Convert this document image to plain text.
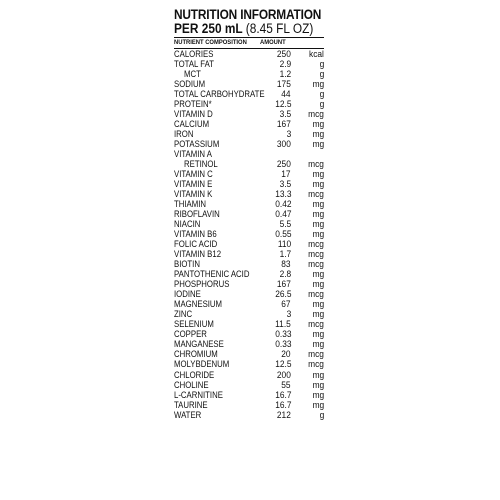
NUTRITION INFORMATION
PER 250 mL (8.45 FL OZ)
NUTRIENT COMPOSITION AMOUNT
CALORIES	250 kcal
TOTAL FAT	2.9	g
MCT	1.2	g
SODIUM	175 mg
TOTAL CARBOHYDRATE 44	g
PROTEIN*	12.5	g
VITAMIN D	3.5 mcg
CALCIUM	167 mg
IRON	3 mg
POTASSIUM	300 mg
VITAMIN A
RETINOL	250 mcg
VITAMIN C	17 mg
VITAMIN E	3.5 mg
VITAMIN K	13.3 mcg
THIAMIN	0.42 mg
RIBOFLAVIN	0.47 mg
NIACIN	5.5 mg
VITAMIN B6	0.55 mg
FOLIC ACID	110 mcg
VITAMIN B12	1.7 mcg
BIOTIN	83 mcg
PANTOTHENIC ACID	2.8 mg
PHOSPHORUS	167 mg
IODINE	26.5 mcg
MAGNESIUM	67 mg
ZINC	3 mg
SELENIUM	11.5 mcg
COPPER	0.33 mg
MANGANESE	0.33 mg
CHROMIUM	20 mcg
MOLYBDENUM	12.5 mcg
CHLORIDE	200 mg
CHOLINE	55 mg
L-CARNITINE	16.7 mg
TAURINE	16.7 mg
WATER	212	g
